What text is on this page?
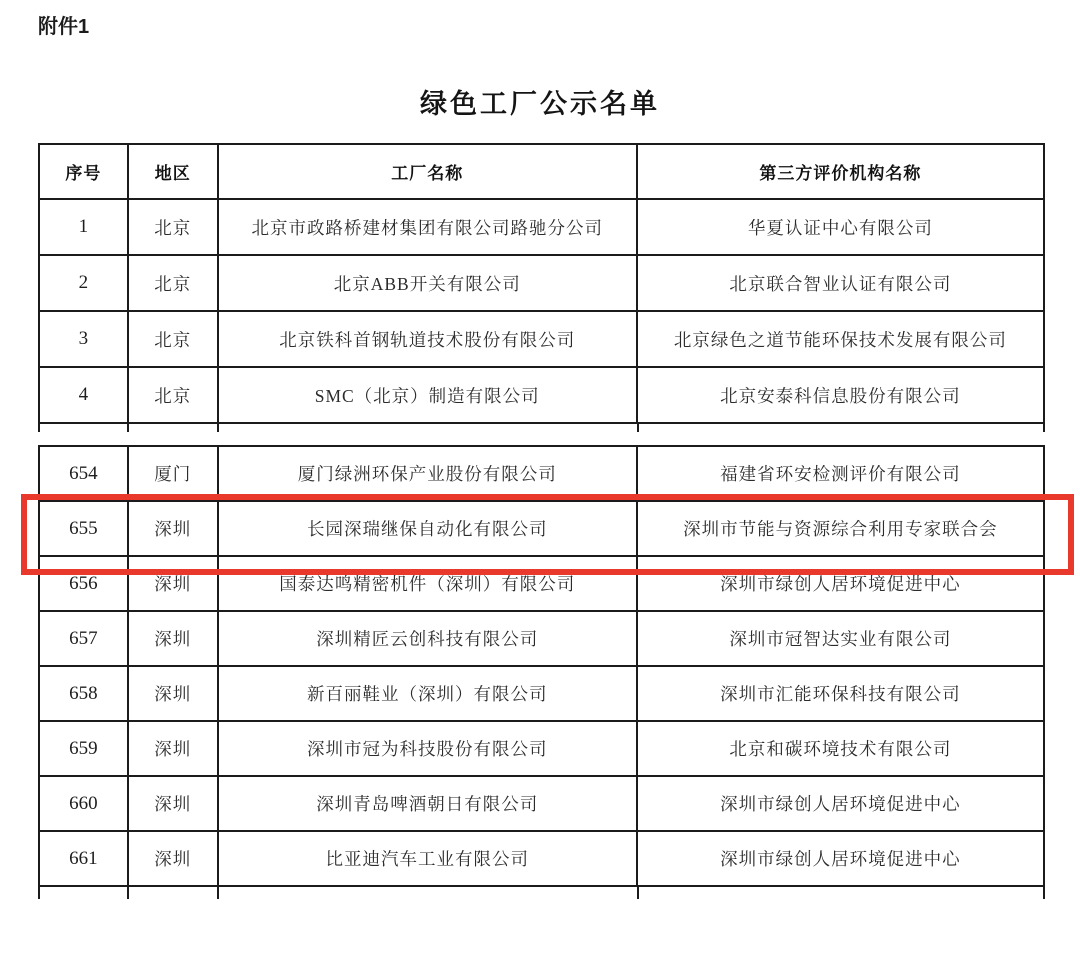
附件1
绿色工厂公示名单
序号	地区	工厂名称	第三方评价机构名称
1	北京	北京市政路桥建材集团有限公司路驰分公司	华夏认证中心有限公司
2	北京	北京ABB开关有限公司	北京联合智业认证有限公司
3	北京	北京铁科首钢轨道技术股份有限公司	北京绿色之道节能环保技术发展有限公司
4	北京	SMC（北京）制造有限公司	北京安泰科信息股份有限公司
654	厦门	厦门绿洲环保产业股份有限公司	福建省环安检测评价有限公司
655	深圳	长园深瑞继保自动化有限公司	深圳市节能与资源综合利用专家联合会
656	深圳	国泰达鸣精密机件（深圳）有限公司	深圳市绿创人居环境促进中心
657	深圳	深圳精匠云创科技有限公司	深圳市冠智达实业有限公司
658	深圳	新百丽鞋业（深圳）有限公司	深圳市汇能环保科技有限公司
659	深圳	深圳市冠为科技股份有限公司	北京和碳环境技术有限公司
660	深圳	深圳青岛啤酒朝日有限公司	深圳市绿创人居环境促进中心
661	深圳	比亚迪汽车工业有限公司	深圳市绿创人居环境促进中心
